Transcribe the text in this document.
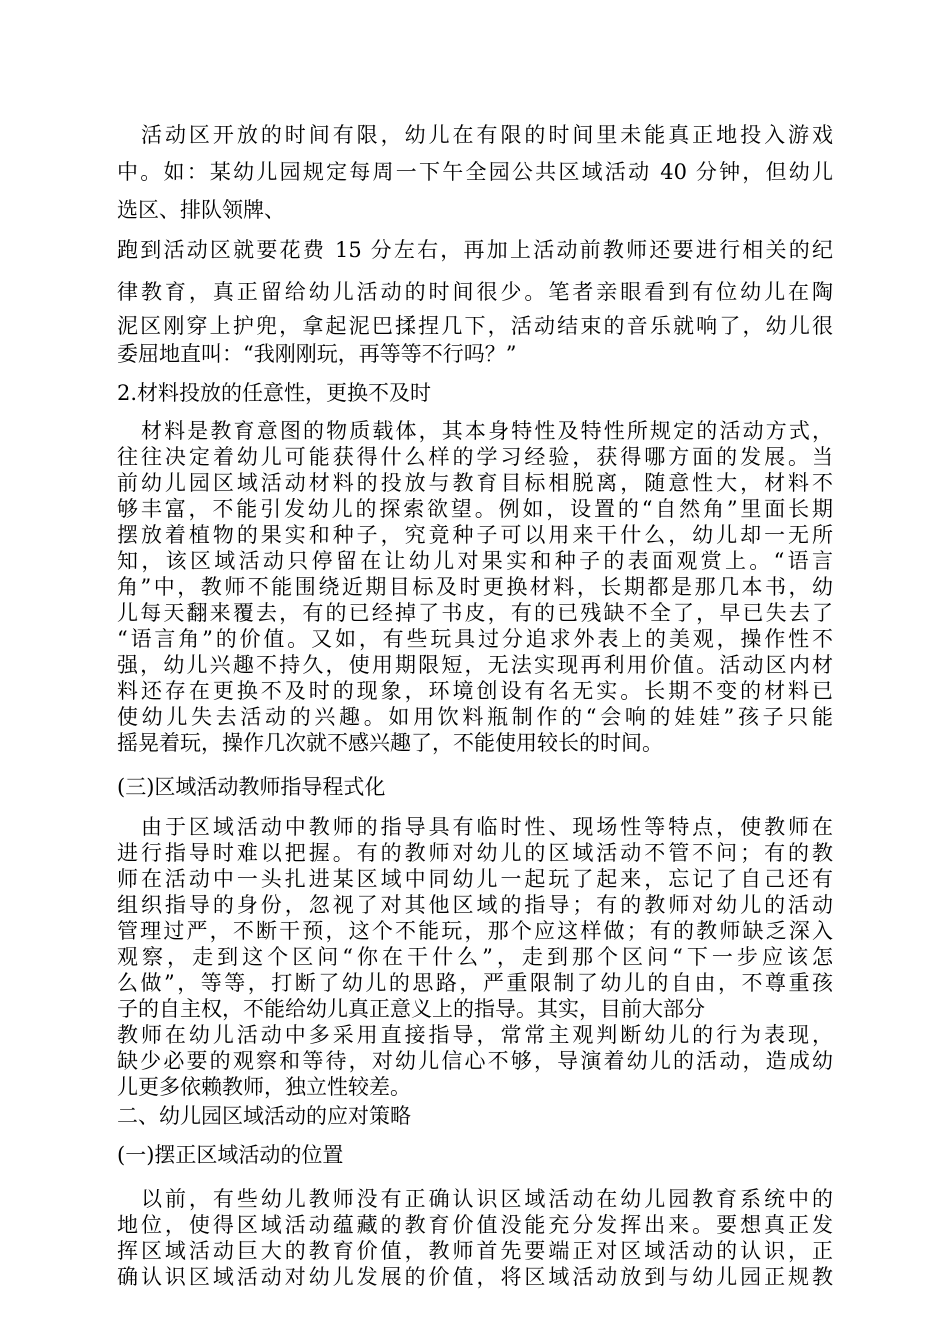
活动区开放的时间有限，幼儿在有限的时间里未能真正地投入游戏
中。如：某幼儿园规定每周一下午全园公共区域活动 40 分钟，但幼儿
选区、排队领牌、
跑到活动区就要花费 15 分左右，再加上活动前教师还要进行相关的纪
律教育，真正留给幼儿活动的时间很少。笔者亲眼看到有位幼儿在陶
泥区刚穿上护兜，拿起泥巴揉捏几下，活动结束的音乐就响了，幼儿很
委屈地直叫：“我刚刚玩，再等等不行吗？”
2.材料投放的任意性，更换不及时
材料是教育意图的物质载体，其本身特性及特性所规定的活动方式，
往往决定着幼儿可能获得什么样的学习经验，获得哪方面的发展。当
前幼儿园区域活动材料的投放与教育目标相脱离，随意性大，材料不
够丰富，不能引发幼儿的探索欲望。例如，设置的“自然角”里面长期
摆放着植物的果实和种子，究竟种子可以用来干什么，幼儿却一无所
知，该区域活动只停留在让幼儿对果实和种子的表面观赏上。“语言
角”中，教师不能围绕近期目标及时更换材料，长期都是那几本书，幼
儿每天翻来覆去，有的已经掉了书皮，有的已残缺不全了，早已失去了
“语言角”的价值。又如，有些玩具过分追求外表上的美观，操作性不
强，幼儿兴趣不持久，使用期限短，无法实现再利用价值。活动区内材
料还存在更换不及时的现象，环境创设有名无实。长期不变的材料已
使幼儿失去活动的兴趣。如用饮料瓶制作的“会响的娃娃”孩子只能
摇晃着玩，操作几次就不感兴趣了，不能使用较长的时间。
(三)区域活动教师指导程式化
由于区域活动中教师的指导具有临时性、现场性等特点，使教师在
进行指导时难以把握。有的教师对幼儿的区域活动不管不问；有的教
师在活动中一头扎进某区域中同幼儿一起玩了起来，忘记了自己还有
组织指导的身份，忽视了对其他区域的指导；有的教师对幼儿的活动
管理过严，不断干预，这个不能玩，那个应这样做；有的教师缺乏深入
观察，走到这个区问“你在干什么”，走到那个区问“下一步应该怎
么做”，等等，打断了幼儿的思路，严重限制了幼儿的自由，不尊重孩
子的自主权，不能给幼儿真正意义上的指导。其实，目前大部分
教师在幼儿活动中多采用直接指导，常常主观判断幼儿的行为表现，
缺少必要的观察和等待，对幼儿信心不够，导演着幼儿的活动，造成幼
儿更多依赖教师，独立性较差。
二、幼儿园区域活动的应对策略
(一)摆正区域活动的位置
以前，有些幼儿教师没有正确认识区域活动在幼儿园教育系统中的
地位，使得区域活动蕴藏的教育价值没能充分发挥出来。要想真正发
挥区域活动巨大的教育价值，教师首先要端正对区域活动的认识，正
确认识区域活动对幼儿发展的价值，将区域活动放到与幼儿园正规教
